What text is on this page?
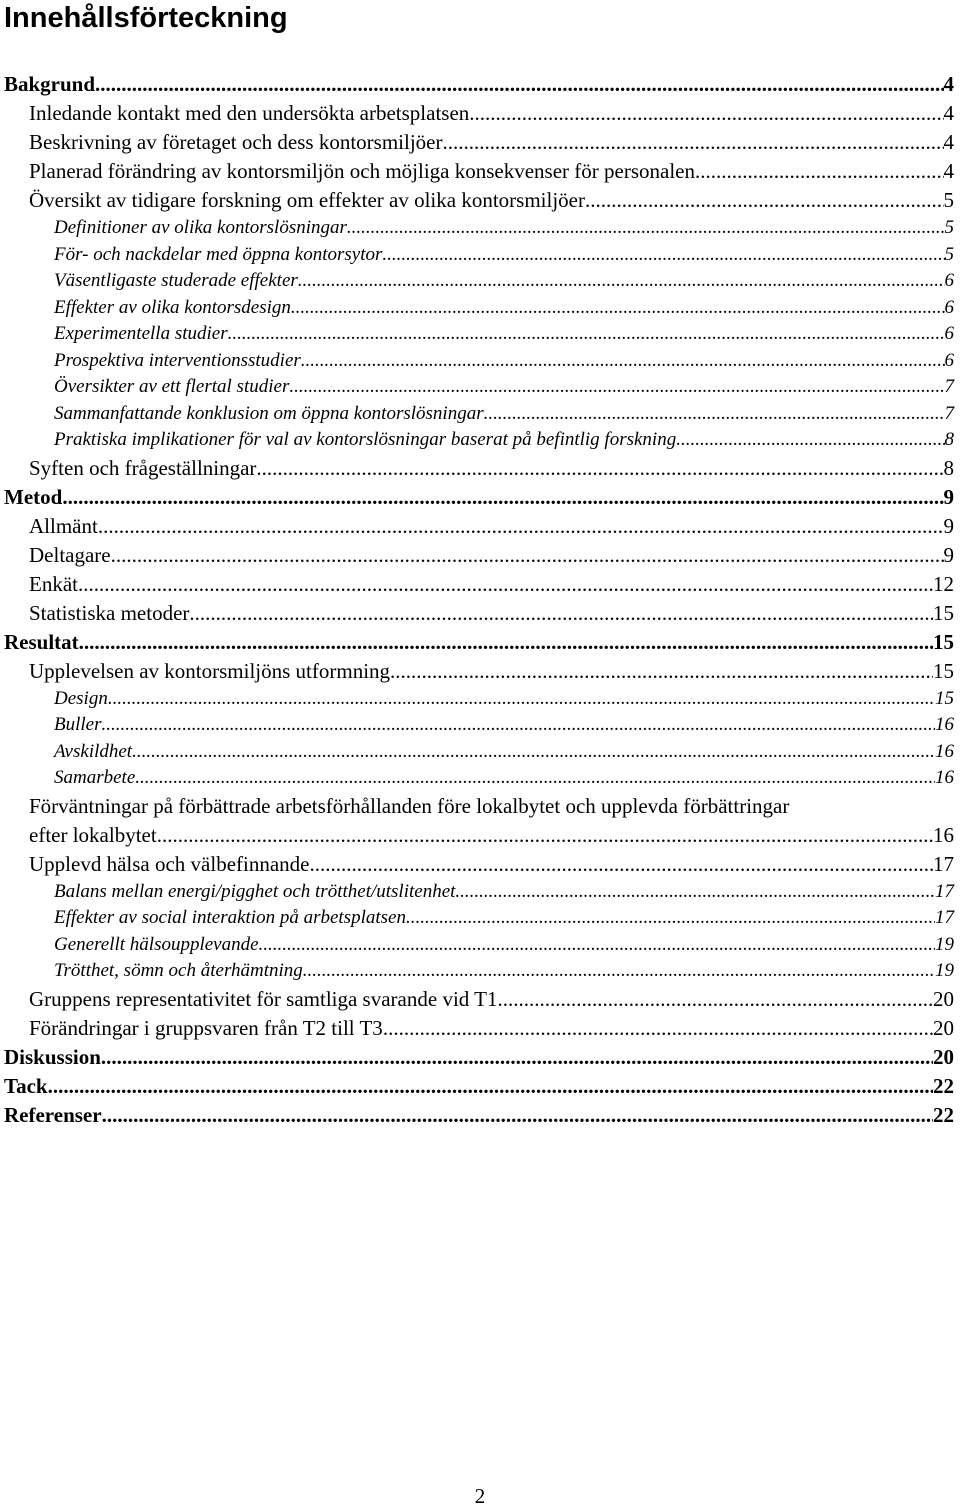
Innehållsförteckning
Bakgrund .....	4
Inledande kontakt med den undersökta arbetsplatsen .....	4
Beskrivning av företaget och dess kontorsmiljöer .....	4
Planerad förändring av kontorsmiljön och möjliga konsekvenser för personalen .....	4
Översikt av tidigare forskning om effekter av olika kontorsmiljöer .....	5
Definitioner av olika kontorslösningar .....	5
För- och nackdelar med öppna kontorsytor .....	5
Väsentligaste studerade effekter .....	6
Effekter av olika kontorsdesign .....	6
Experimentella studier .....	6
Prospektiva interventionsstudier .....	6
Översikter av ett flertal studier .....	7
Sammanfattande konklusion om öppna kontorslösningar .....	7
Praktiska implikationer för val av kontorslösningar baserat på befintlig forskning .....	8
Syften och frågeställningar .....	8
Metod .....	9
Allmänt .....	9
Deltagare .....	9
Enkät .....	12
Statistiska metoder .....	15
Resultat .....	15
Upplevelsen av kontorsmiljöns utformning .....	15
Design .....	15
Buller .....	16
Avskildhet .....	16
Samarbete .....	16
Förväntningar på förbättrade arbetsförhållanden före lokalbytet och upplevda förbättringar
efter lokalbytet .....	16
Upplevd hälsa och välbefinnande .....	17
Balans mellan energi/pigghet och trötthet/utslitenhet .....	17
Effekter av social interaktion på arbetsplatsen .....	17
Generellt hälsoupplevande .....	19
Trötthet, sömn och återhämtning .....	19
Gruppens representativitet för samtliga svarande vid T1 .....	20
Förändringar i gruppsvaren från T2 till T3 .....	20
Diskussion .....	20
Tack .....	22
Referenser .....	22
2
